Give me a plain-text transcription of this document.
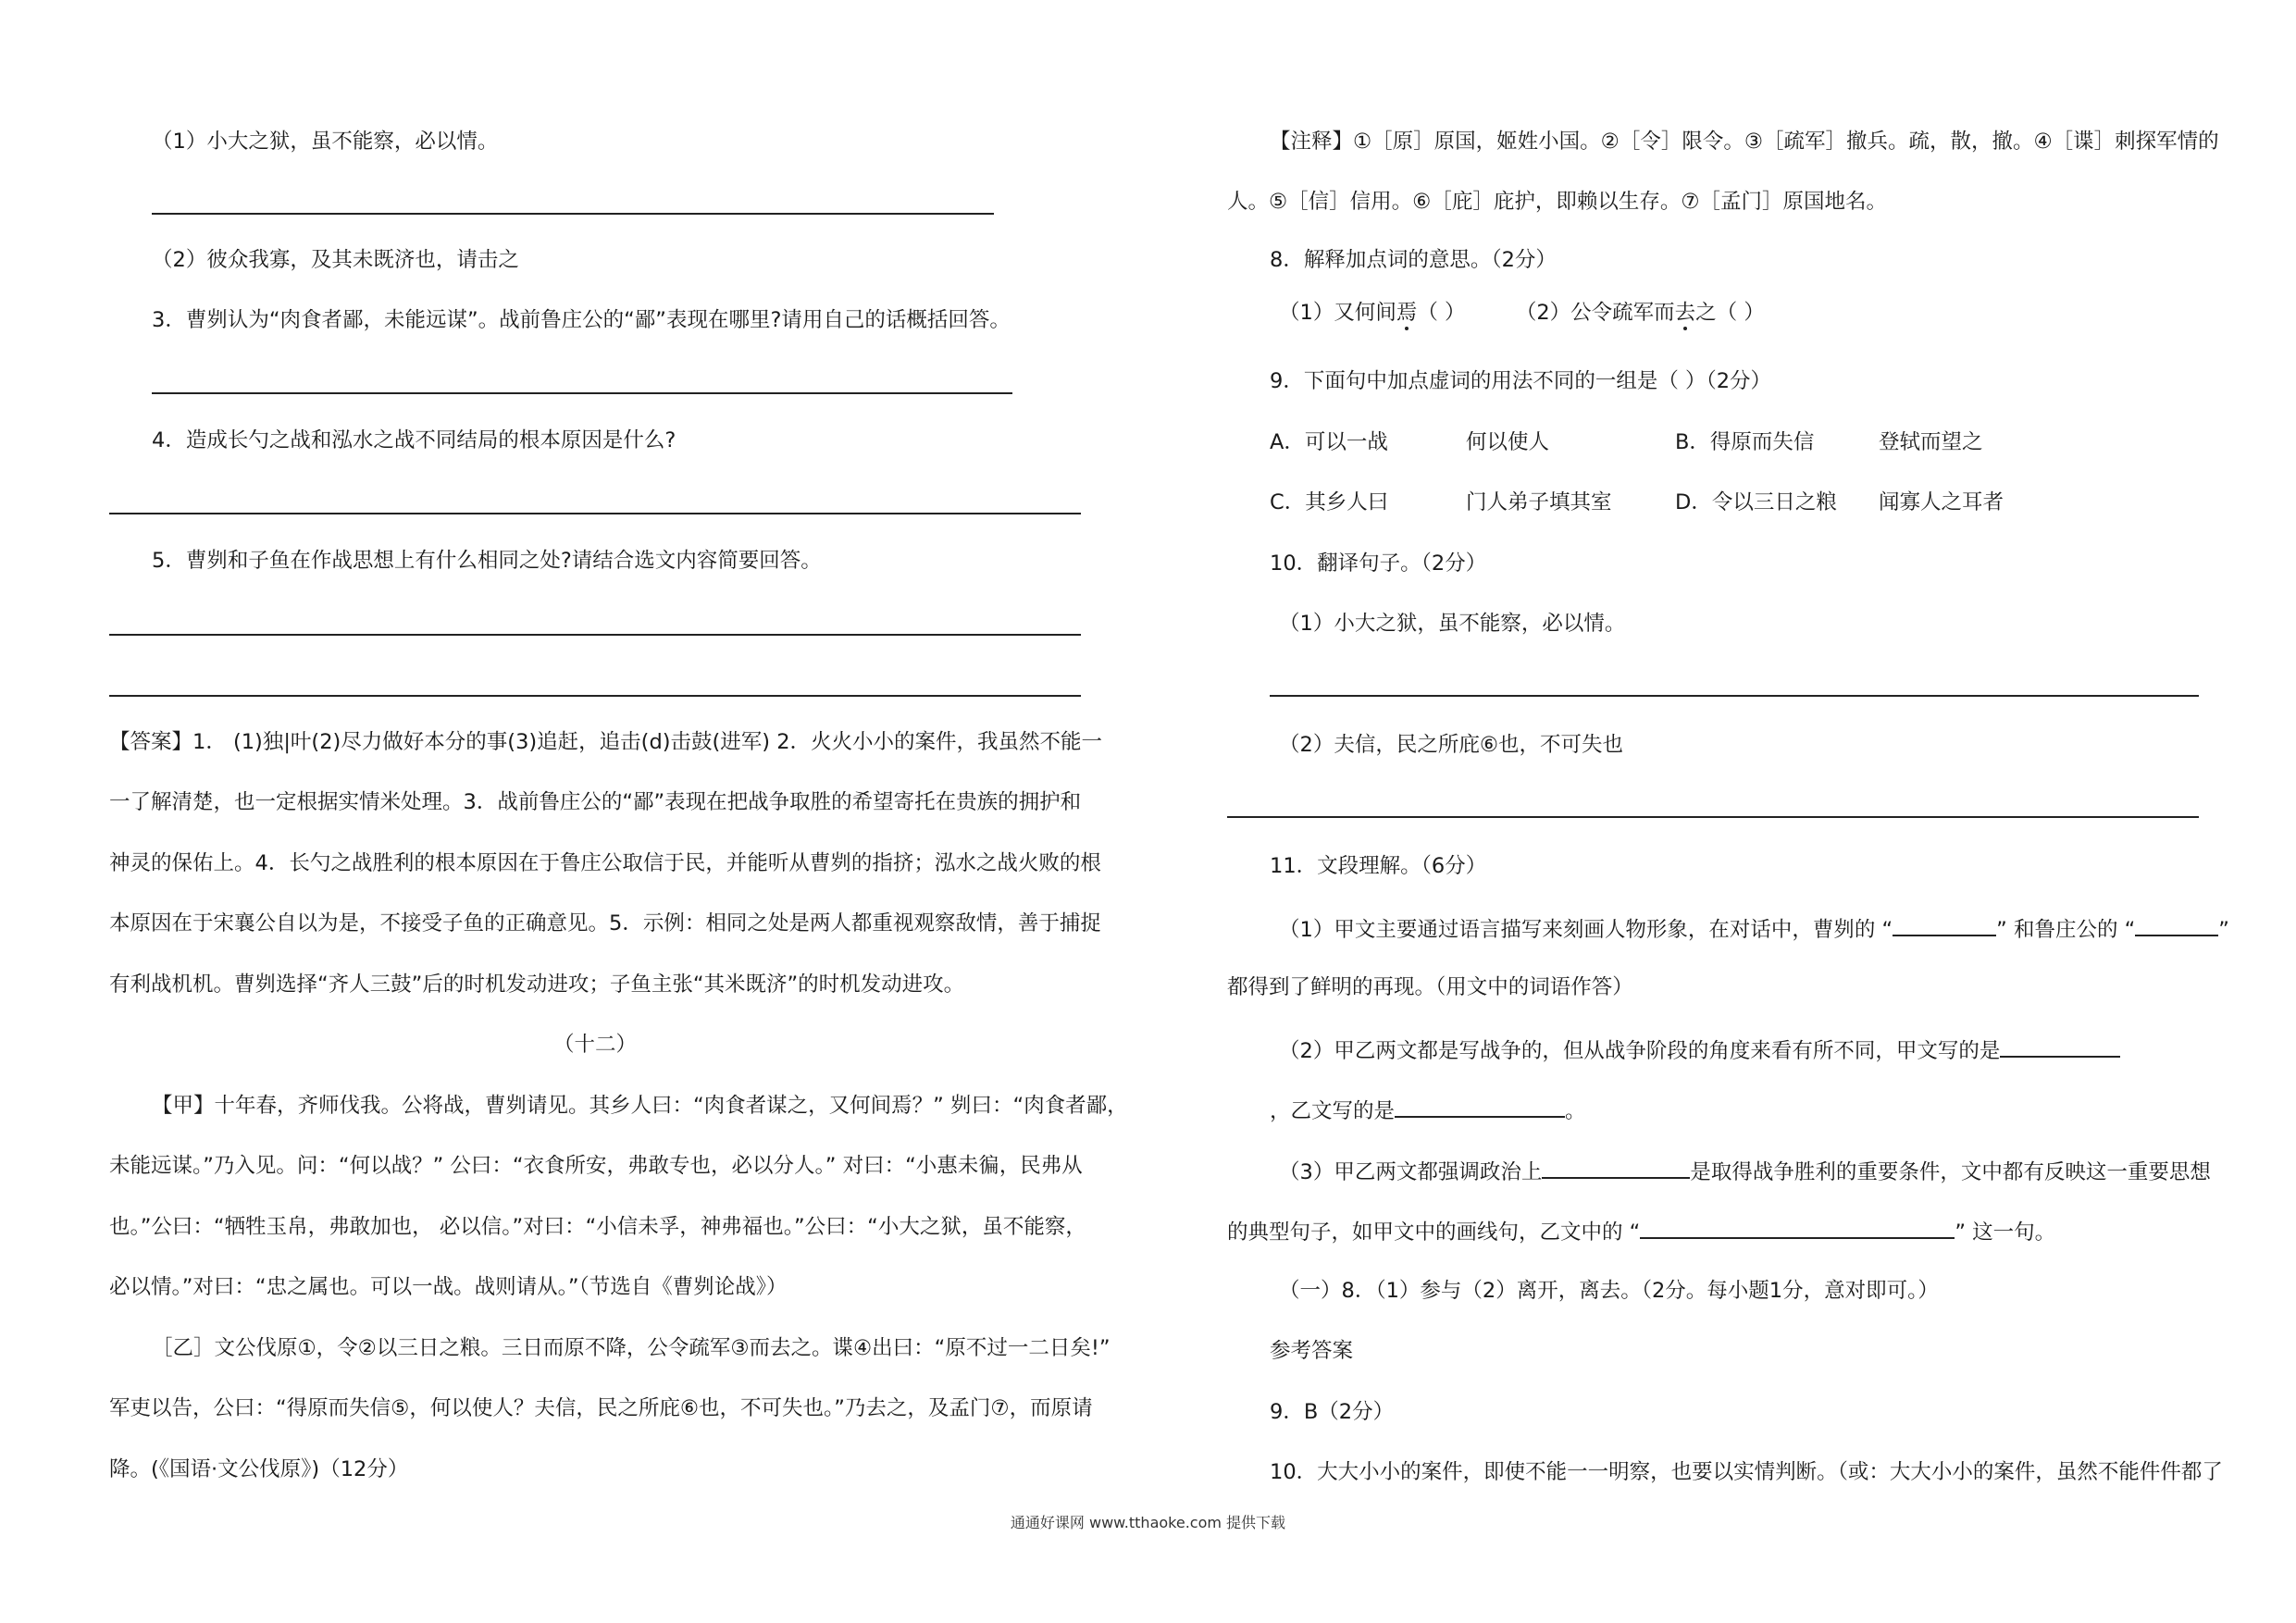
（1）小大之狱，虽不能察，必以情。
（2）彼众我寡，及其未既济也，请击之
3．曹刿认为“肉食者鄙，未能远谋”。战前鲁庄公的“鄙”表现在哪里?请用自己的话概括回答。
4．造成长勺之战和泓水之战不同结局的根本原因是什么?
5．曹刿和子鱼在作战思想上有什么相同之处?请结合选文内容简要回答。
【答案】1． (1)独|叶(2)尽力做好本分的事(3)追赶，追击(d)击鼓(进军) 2．火火小小的案件，我虽然不能一
一了解清楚，也一定根据实情米处理。3．战前鲁庄公的“鄙”表现在把战争取胜的希望寄托在贵族的拥护和
神灵的保佑上。4．长勺之战胜利的根本原因在于鲁庄公取信于民，并能听从曹刿的指挤；泓水之战火败的根
本原因在于宋襄公自以为是，不接受子鱼的正确意见。5．示例：相同之处是两人都重视观察敌情，善于捕捉
有利战机机。曹刿选择“齐人三鼓”后的时机发动进攻；子鱼主张“其米既济”的时机发动进攻。
（十二）
【甲】十年春，齐师伐我。公将战，曹刿请见。其乡人曰：“肉食者谋之，又何间焉？” 刿曰：“肉食者鄙，
未能远谋。”乃入见。问：“何以战？” 公曰：“衣食所安，弗敢专也，必以分人。” 对曰：“小惠未徧，民弗从
也。”公曰：“牺牲玉帛，弗敢加也， 必以信。”对曰：“小信未孚，神弗福也。”公曰：“小大之狱，虽不能察，
必以情。”对曰：“忠之属也。可以一战。战则请从。”（节选自《曹刿论战》）
［乙］文公伐原①，令②以三日之粮。三日而原不降，公令疏军③而去之。谍④出曰：“原不过一二日矣!”
军吏以告，公曰：“得原而失信⑤，何以使人？夫信，民之所庇⑥也，不可失也。”乃去之，及孟门⑦，而原请
降。(《国语·文公伐原》)（12分）
【注释】①［原］原国，姬姓小国。②［令］限令。③［疏军］撤兵。疏，散，撤。④［谍］刺探军情的
人。⑤［信］信用。⑥［庇］庇护，即赖以生存。⑦［孟门］原国地名。
8．解释加点词的意思。（2分）
（1）又何间焉（ ） （2）公令疏军而去之（ ）
9．下面句中加点虚词的用法不同的一组是（ ）（2分）
A．可以一战	何以使人	B．得原而失信	登轼而望之
C．其乡人曰	门人弟子填其室	D．令以三日之粮 闻寡人之耳者
10．翻译句子。（2分）
（1）小大之狱，虽不能察，必以情。
（2）夫信，民之所庇⑥也，不可失也
11．文段理解。（6分）
（1）甲文主要通过语言描写来刻画人物形象，在对话中，曹刿的 “	” 和鲁庄公的 “	”
都得到了鲜明的再现。（用文中的词语作答）
（2）甲乙两文都是写战争的，但从战争阶段的角度来看有所不同，甲文写的是
，乙文写的是	。
（3）甲乙两文都强调政治上	是取得战争胜利的重要条件，文中都有反映这一重要思想
的典型句子，如甲文中的画线句，乙文中的 “	” 这一句。
（一）8．（1）参与（2）离开，离去。（2分。每小题1分，意对即可。）
参考答案
9．B（2分）
10．大大小小的案件，即使不能一一明察，也要以实情判断。（或：大大小小的案件，虽然不能件件都了
通通好课网 www.tthaoke.com 提供下载
